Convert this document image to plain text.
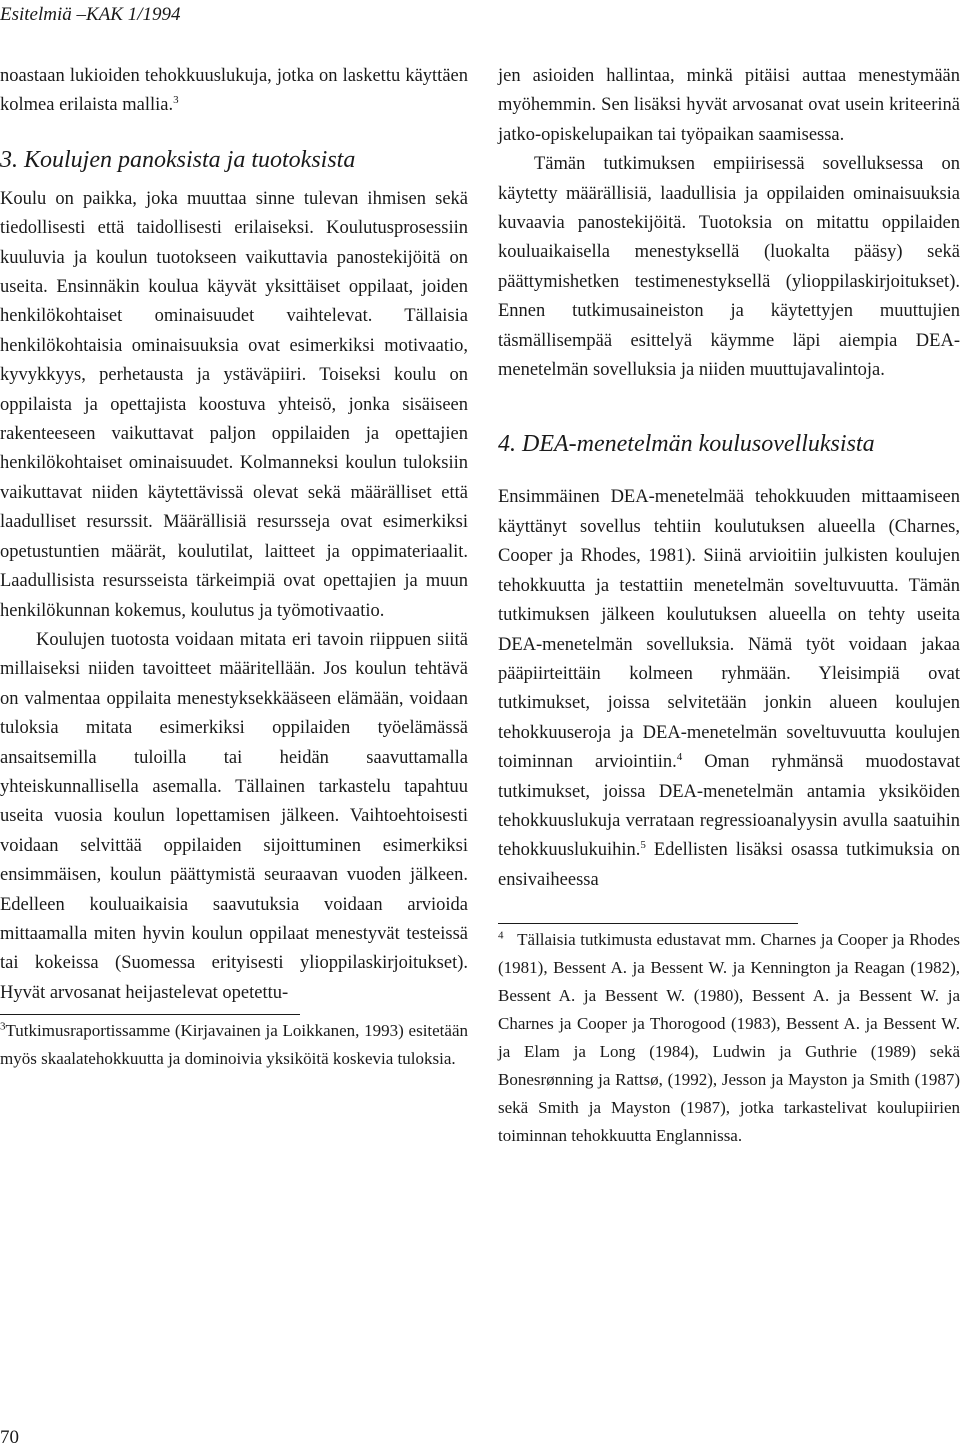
Esitelmiä –KAK 1/1994

noastaan lukioiden tehokkuuslukuja, jotka on laskettu käyttäen kolmea erilaista mallia.$^3$

3. Koulujen panoksista ja tuotoksista

Koulu on paikka, joka muuttaa sinne tulevan ihmisen sekä tiedollisesti että taidollisesti erilaiseksi. Koulutusprosessiin kuuluvia ja koulun tuotokseen vaikuttavia panostekijöitä on useita. Ensinnäkin koulua käyvät yksittäiset oppilaat, joiden henkilökohtaiset ominaisuudet vaihtelevat. Tällaisia henkilökohtaisia ominaisuuksia ovat esimerkiksi motivaatio, kyvykkyys, perhetausta ja ystäväpiiri. Toiseksi koulu on oppilaista ja opettajista koostuva yhteisö, jonka sisäiseen rakenteeseen vaikuttavat paljon oppilaiden ja opettajien henkilökohtaiset ominaisuudet. Kolmanneksi koulun tuloksiin vaikuttavat niiden käytettävissä olevat sekä määrälliset että laadulliset resurssit. Määrällisiä resursseja ovat esimerkiksi opetustuntien määrät, koulutilat, laitteet ja oppimateriaalit. Laadullisista resursseista tärkeimpiä ovat opettajien ja muun henkilökunnan kokemus, koulutus ja työmotivaatio.

Koulujen tuotosta voidaan mitata eri tavoin riippuen siitä millaiseksi niiden tavoitteet määritellään. Jos koulun tehtävä on valmentaa oppilaita menestyksekkääseen elämään, voidaan tuloksia mitata esimerkiksi oppilaiden työelämässä ansaitsemilla tuloilla tai heidän saavuttamalla yhteiskunnallisella asemalla. Tällainen tarkastelu tapahtuu useita vuosia koulun lopettamisen jälkeen. Vaihtoehtoisesti voidaan selvittää oppilaiden sijoittuminen esimerkiksi ensimmäisen, koulun päättymistä seuraavan vuoden jälkeen. Edelleen kouluaikaisia saavutuksia voidaan arvioida mittaamalla miten hyvin koulun oppilaat menestyvät testeissä tai kokeissa (Suomessa erityisesti ylioppilaskirjoitukset). Hyvät arvosanat heijastelevat opetettu-

$^3$Tutkimusraportissamme (Kirjavainen ja Loikkanen, 1993) esitetään myös skaalatehokkuutta ja dominoivia yksiköitä koskevia tuloksia.

jen asioiden hallintaa, minkä pitäisi auttaa menestymään myöhemmin. Sen lisäksi hyvät arvosanat ovat usein kriteerinä jatko-opiskelupaikan tai työpaikan saamisessa.

Tämän tutkimuksen empiirisessä sovelluksessa on käytetty määrällisiä, laadullisia ja oppilaiden ominaisuuksia kuvaavia panostekijöitä. Tuotoksia on mitattu oppilaiden kouluaikaisella menestyksellä (luokalta pääsy) sekä päättymishetken testimenestyksellä (ylioppilaskirjoitukset). Ennen tutkimusaineiston ja käytettyjen muuttujien täsmällisempää esittelyä käymme läpi aiempia DEA-menetelmän sovelluksia ja niiden muuttujavalintoja.

4. DEA-menetelmän koulusovelluksista

Ensimmäinen DEA-menetelmää tehokkuuden mittaamiseen käyttänyt sovellus tehtiin koulutuksen alueella (Charnes, Cooper ja Rhodes, 1981). Siinä arvioitiin julkisten koulujen tehokkuutta ja testattiin menetelmän soveltuvuutta. Tämän tutkimuksen jälkeen koulutuksen alueella on tehty useita DEA-menetelmän sovelluksia. Nämä työt voidaan jakaa pääpiirteittäin kolmeen ryhmään. Yleisimpiä ovat tutkimukset, joissa selvitetään jonkin alueen koulujen tehokkuuseroja ja DEA-menetelmän soveltuvuutta koulujen toiminnan arviointiin.$^4$ Oman ryhmänsä muodostavat tutkimukset, joissa DEA-menetelmän antamia yksiköiden tehokkuuslukuja verrataan regressioanalyysin avulla saatuihin tehokkuuslukuihin.$^5$ Edellisten lisäksi osassa tutkimuksia on ensivaiheessa

$^4$ Tällaisia tutkimusta edustavat mm. Charnes ja Cooper ja Rhodes (1981), Bessent A. ja Bessent W. ja Kennington ja Reagan (1982), Bessent A. ja Bessent W. (1980), Bessent A. ja Bessent W. ja Charnes ja Cooper ja Thorogood (1983), Bessent A. ja Bessent W. ja Elam ja Long (1984), Ludwin ja Guthrie (1989) sekä Bonesrønning ja Rattsø, (1992), Jesson ja Mayston ja Smith (1987) sekä Smith ja Mayston (1987), jotka tarkastelivat koulupiirien toiminnan tehokkuutta Englannissa.

70
